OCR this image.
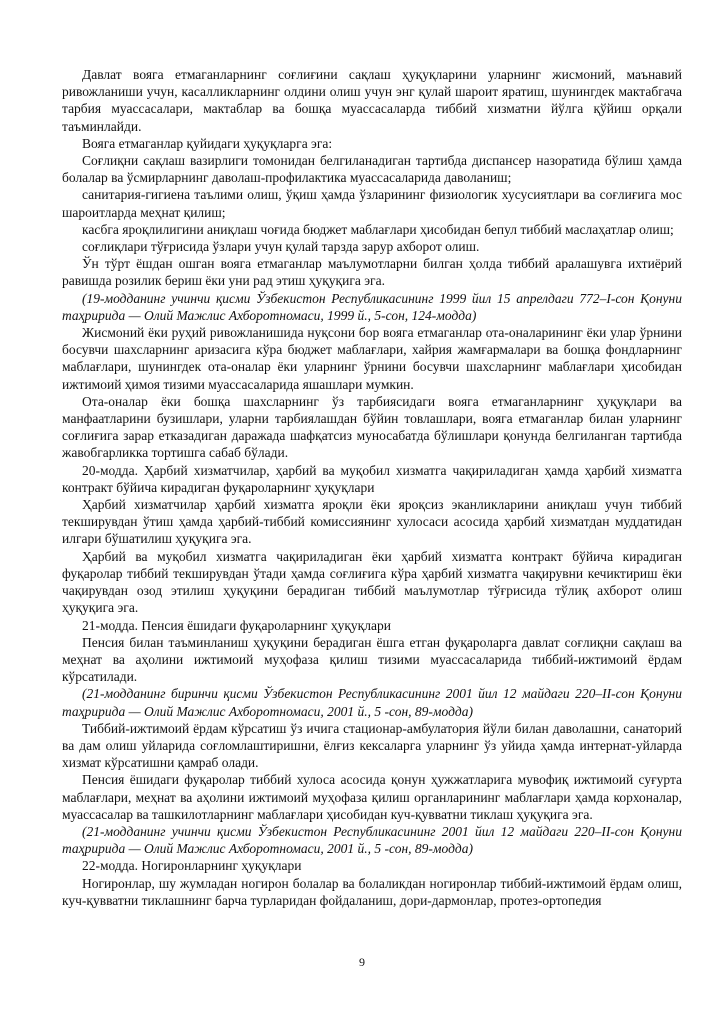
Давлат вояга етмаганларнинг соғлиғини сақлаш ҳуқуқларини уларнинг жисмоний, маънавий ривожланиши учун, касалликларнинг олдини олиш учун энг қулай шароит яратиш, шунингдек мактабгача тарбия муассасалари, мактаблар ва бошқа муассасаларда тиббий хизматни йўлга қўйиш орқали таъминлайди.

Вояга етмаганлар қуйидаги ҳуқуқларга эга:

Соғлиқни сақлаш вазирлиги томонидан белгиланадиган тартибда диспансер назоратида бўлиш ҳамда болалар ва ўсмирларнинг даволаш-профилактика муассасаларида даволаниш;

санитария-гигиена таълими олиш, ўқиш ҳамда ўзларининг физиологик хусусиятлари ва соғлиғига мос шароитларда меҳнат қилиш;

касбга яроқлилигини аниқлаш чоғида бюджет маблағлари ҳисобидан бепул тиббий маслаҳатлар олиш;

соғлиқлари тўғрисида ўзлари учун қулай тарзда зарур ахборот олиш.

Ўн тўрт ёшдан ошган вояга етмаганлар маълумотларни билган ҳолда тиббий аралашувга ихтиёрий равишда розилик бериш ёки уни рад этиш ҳуқуқига эга.

(19-модданинг учинчи қисми Ўзбекистон Республикасининг 1999 йил 15 апрелдаги 772–I-сон Қонуни таҳририда — Олий Мажлис Ахборотномаси, 1999 й., 5-сон, 124-модда)

Жисмоний ёки руҳий ривожланишида нуқсони бор вояга етмаганлар ота-оналарининг ёки улар ўрнини босувчи шахсларнинг аризасига кўра бюджет маблағлари, хайрия жамғармалари ва бошқа фондларнинг маблағлари, шунингдек ота-оналар ёки уларнинг ўрнини босувчи шахсларнинг маблағлари ҳисобидан ижтимоий ҳимоя тизими муассасаларида яшашлари мумкин.

Ота-оналар ёки бошқа шахсларнинг ўз тарбиясидаги вояга етмаганларнинг ҳуқуқлари ва манфаатларини бузишлари, уларни тарбиялашдан бўйин товлашлари, вояга етмаганлар билан уларнинг соғлиғига зарар етказадиган даражада шафқатсиз муносабатда бўлишлари қонунда белгиланган тартибда жавобгарликка тортишга сабаб бўлади.

20-модда. Ҳарбий хизматчилар, ҳарбий ва муқобил хизматга чақириладиган ҳамда ҳарбий хизматга контракт бўйича кирадиган фуқароларнинг ҳуқуқлари

Ҳарбий хизматчилар ҳарбий хизматга яроқли ёки яроқсиз эканликларини аниқлаш учун тиббий текширувдан ўтиш ҳамда ҳарбий-тиббий комиссиянинг хулосаси асосида ҳарбий хизматдан муддатидан илгари бўшатилиш ҳуқуқига эга.

Ҳарбий ва муқобил хизматга чақириладиган ёки ҳарбий хизматга контракт бўйича кирадиган фуқаролар тиббий текширувдан ўтади ҳамда соғлиғига кўра ҳарбий хизматга чақирувни кечиктириш ёки чақирувдан озод этилиш ҳуқуқини берадиган тиббий маълумотлар тўғрисида тўлиқ ахборот олиш ҳуқуқига эга.

21-модда. Пенсия ёшидаги фуқароларнинг ҳуқуқлари

Пенсия билан таъминланиш ҳуқуқини берадиган ёшга етган фуқароларга давлат соғлиқни сақлаш ва меҳнат ва аҳолини ижтимоий муҳофаза қилиш тизими муассасаларида тиббий-ижтимоий ёрдам кўрсатилади.

(21-модданинг биринчи қисми Ўзбекистон Республикасининг 2001 йил 12 майдаги 220–II-сон Қонуни таҳририда — Олий Мажлис Ахборотномаси, 2001 й., 5 -сон, 89-модда)

Тиббий-ижтимоий ёрдам кўрсатиш ўз ичига стационар-амбулатория йўли билан даволашни, санаторий ва дам олиш уйларида соғломлаштиришни, ёлғиз кексаларга уларнинг ўз уйида ҳамда интернат-уйларда хизмат кўрсатишни қамраб олади.

Пенсия ёшидаги фуқаролар тиббий хулоса асосида қонун ҳужжатларига мувофиқ ижтимоий суғурта маблағлари, меҳнат ва аҳолини ижтимоий муҳофаза қилиш органларининг маблағлари ҳамда корхоналар, муассасалар ва ташкилотларнинг маблағлари ҳисобидан куч-қувватни тиклаш ҳуқуқига эга.

(21-модданинг учинчи қисми Ўзбекистон Республикасининг 2001 йил 12 майдаги 220–II-сон Қонуни таҳририда — Олий Мажлис Ахборотномаси, 2001 й., 5 -сон, 89-модда)

22-модда. Ногиронларнинг ҳуқуқлари

Ногиронлар, шу жумладан ногирон болалар ва болаликдан ногиронлар тиббий-ижтимоий ёрдам олиш, куч-қувватни тиклашнинг барча турларидан фойдаланиш, дори-дармонлар, протез-ортопедия

9
